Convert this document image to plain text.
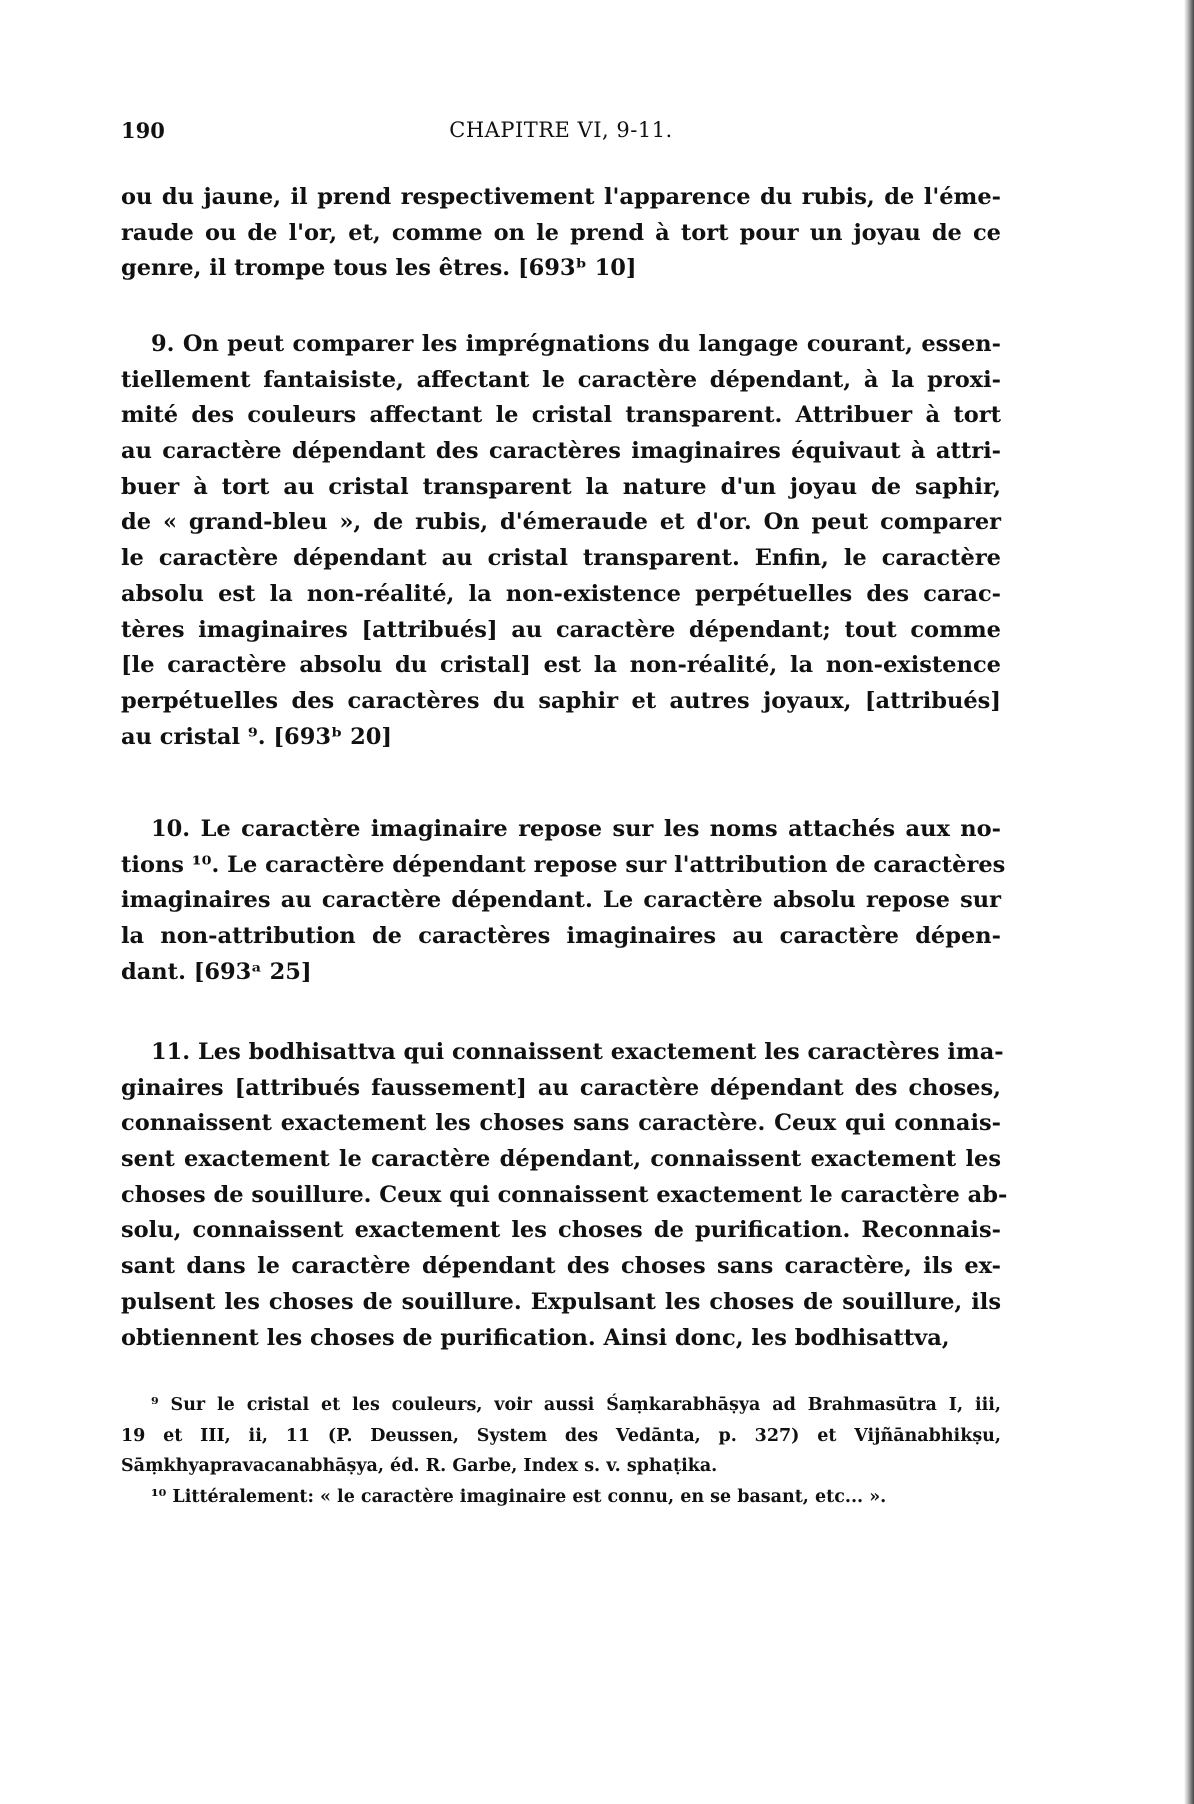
190	CHAPITRE VI, 9-11.
ou du jaune, il prend respectivement l'apparence du rubis, de l'éme-
raude ou de l'or, et, comme on le prend à tort pour un joyau de ce
genre, il trompe tous les êtres. [693ᵇ 10]
9. On peut comparer les imprégnations du langage courant, essen-
tiellement fantaisiste, affectant le caractère dépendant, à la proxi-
mité des couleurs affectant le cristal transparent. Attribuer à tort
au caractère dépendant des caractères imaginaires équivaut à attri-
buer à tort au cristal transparent la nature d'un joyau de saphir,
de « grand-bleu », de rubis, d'émeraude et d'or. On peut comparer
le caractère dépendant au cristal transparent. Enfin, le caractère
absolu est la non-réalité, la non-existence perpétuelles des carac-
tères imaginaires [attribués] au caractère dépendant; tout comme
[le caractère absolu du cristal] est la non-réalité, la non-existence
perpétuelles des caractères du saphir et autres joyaux, [attribués]
au cristal ⁹. [693ᵇ 20]
10. Le caractère imaginaire repose sur les noms attachés aux no-
tions ¹⁰. Le caractère dépendant repose sur l'attribution de caractères
imaginaires au caractère dépendant. Le caractère absolu repose sur
la non-attribution de caractères imaginaires au caractère dépen-
dant. [693ᵃ 25]
11. Les bodhisattva qui connaissent exactement les caractères ima-
ginaires [attribués faussement] au caractère dépendant des choses,
connaissent exactement les choses sans caractère. Ceux qui connais-
sent exactement le caractère dépendant, connaissent exactement les
choses de souillure. Ceux qui connaissent exactement le caractère ab-
solu, connaissent exactement les choses de purification. Reconnais-
sant dans le caractère dépendant des choses sans caractère, ils ex-
pulsent les choses de souillure. Expulsant les choses de souillure, ils
obtiennent les choses de purification. Ainsi donc, les bodhisattva,
⁹ Sur le cristal et les couleurs, voir aussi Śaṃkarabhāṣya ad Brahmasūtra I, iii,
19 et III, ii, 11 (P. Deussen, System des Vedānta, p. 327) et Vijñānabhikṣu,
Sāṃkhyapravacanabhāṣya, éd. R. Garbe, Index s. v. sphaṭika.
¹⁰ Littéralement: « le caractère imaginaire est connu, en se basant, etc... ».
